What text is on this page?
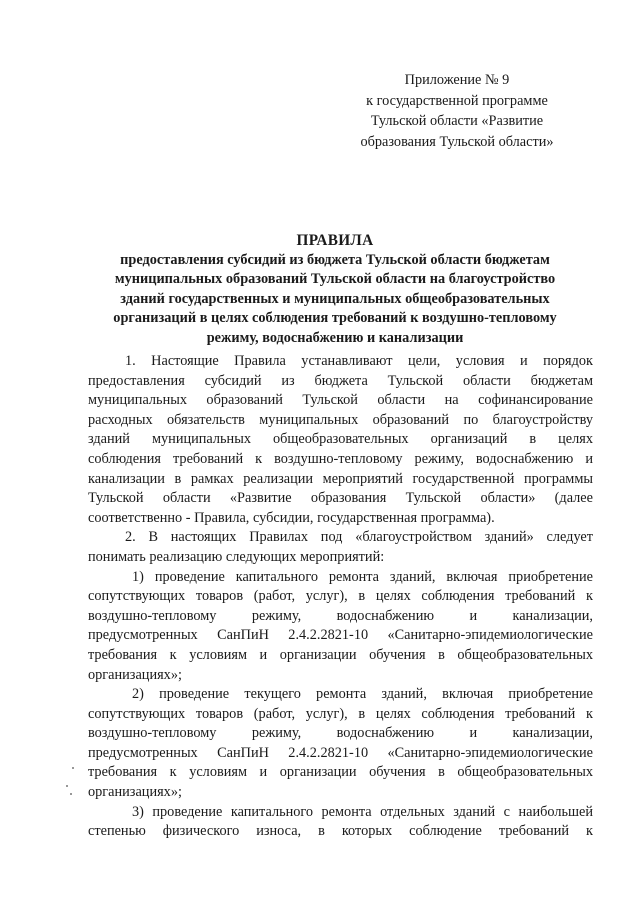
Приложение № 9
к государственной программе
Тульской области «Развитие
образования Тульской области»
ПРАВИЛА
предоставления субсидий из бюджета Тульской области бюджетам
муниципальных образований Тульской области на благоустройство
зданий государственных и муниципальных общеобразовательных
организаций в целях соблюдения требований к воздушно-тепловому
режиму, водоснабжению и канализации
1. Настоящие Правила устанавливают цели, условия и порядок
предоставления субсидий из бюджета Тульской области бюджетам
муниципальных образований Тульской области на софинансирование
расходных обязательств муниципальных образований по благоустройству
зданий муниципальных общеобразовательных организаций в целях
соблюдения требований к воздушно-тепловому режиму, водоснабжению и
канализации в рамках реализации мероприятий государственной программы
Тульской области «Развитие образования Тульской области» (далее
соответственно - Правила, субсидии, государственная программа).
2. В настоящих Правилах под «благоустройством зданий» следует
понимать реализацию следующих мероприятий:
1) проведение капитального ремонта зданий, включая приобретение
сопутствующих товаров (работ, услуг), в целях соблюдения требований к
воздушно-тепловому режиму, водоснабжению и канализации,
предусмотренных СанПиН 2.4.2.2821-10 «Санитарно-эпидемиологические
требования к условиям и организации обучения в общеобразовательных
организациях»;
2) проведение текущего ремонта зданий, включая приобретение
сопутствующих товаров (работ, услуг), в целях соблюдения требований к
воздушно-тепловому режиму, водоснабжению и канализации,
предусмотренных СанПиН 2.4.2.2821-10 «Санитарно-эпидемиологические
требования к условиям и организации обучения в общеобразовательных
организациях»;
3) проведение капитального ремонта отдельных зданий с наибольшей
степенью физического износа, в которых соблюдение требований к
